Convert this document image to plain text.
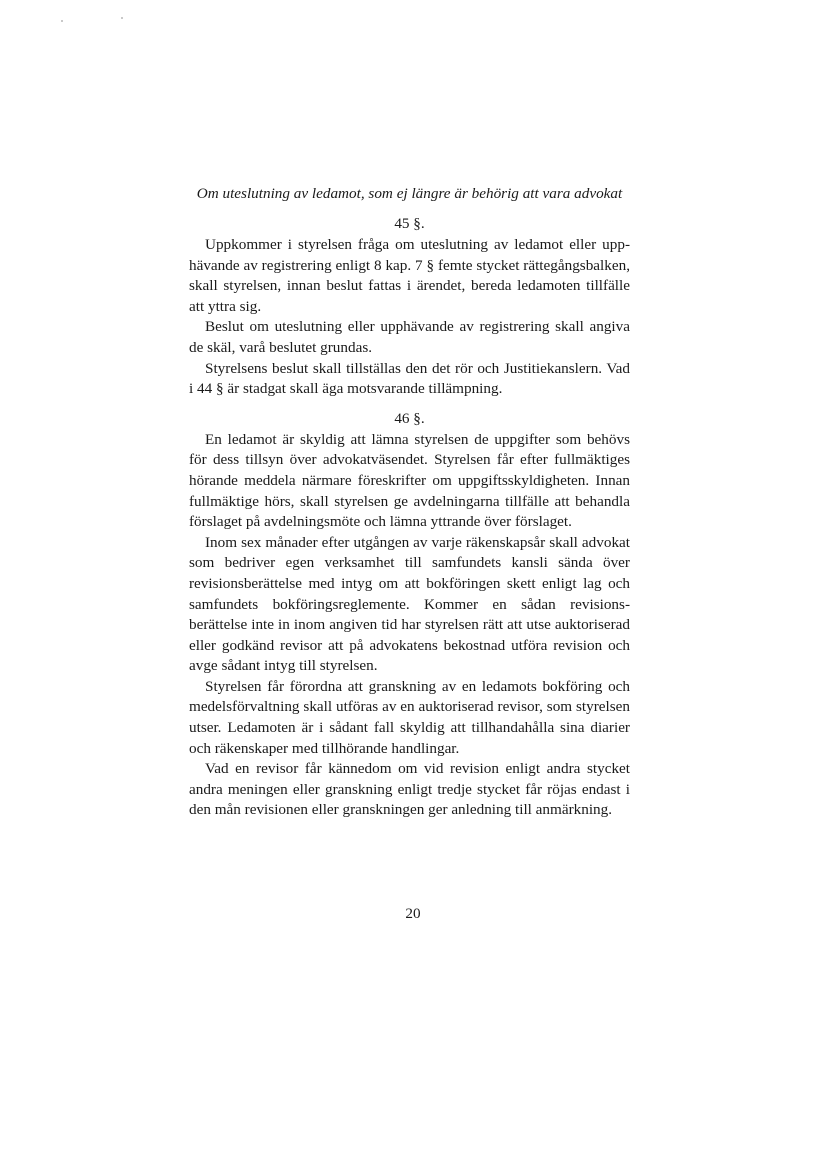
Om uteslutning av ledamot, som ej längre är behörig att vara advokat

45 §.

Uppkommer i styrelsen fråga om uteslutning av ledamot eller upphävande av registrering enligt 8 kap. 7 § femte stycket rättegångsbalken, skall styrelsen, innan beslut fattas i ärendet, bereda ledamoten tillfälle att yttra sig.

Beslut om uteslutning eller upphävande av registrering skall angiva de skäl, varå beslutet grundas.

Styrelsens beslut skall tillställas den det rör och Justitiekanslern. Vad i 44 § är stadgat skall äga motsvarande tillämpning.

46 §.

En ledamot är skyldig att lämna styrelsen de uppgifter som behövs för dess tillsyn över advokatväsendet. Styrelsen får efter fullmäktiges hörande meddela närmare föreskrifter om uppgiftsskyldigheten. Innan fullmäktige hörs, skall styrelsen ge avdelningarna tillfälle att behandla förslaget på avdelningsmöte och lämna yttrande över förslaget.

Inom sex månader efter utgången av varje räkenskapsår skall advokat som bedriver egen verksamhet till samfundets kansli sända över revisionsberättelse med intyg om att bokföringen skett enligt lag och samfundets bokföringsreglemente. Kommer en sådan revisionsberättelse inte in inom angiven tid har styrelsen rätt att utse auktoriserad eller godkänd revisor att på advokatens bekostnad utföra revision och avge sådant intyg till styrelsen.

Styrelsen får förordna att granskning av en ledamots bokföring och medelsförvaltning skall utföras av en auktoriserad revisor, som styrelsen utser. Ledamoten är i sådant fall skyldig att tillhandahålla sina diarier och räkenskaper med tillhörande handlingar.

Vad en revisor får kännedom om vid revision enligt andra stycket andra meningen eller granskning enligt tredje stycket får röjas endast i den mån revisionen eller granskningen ger anledning till anmärkning.

20
